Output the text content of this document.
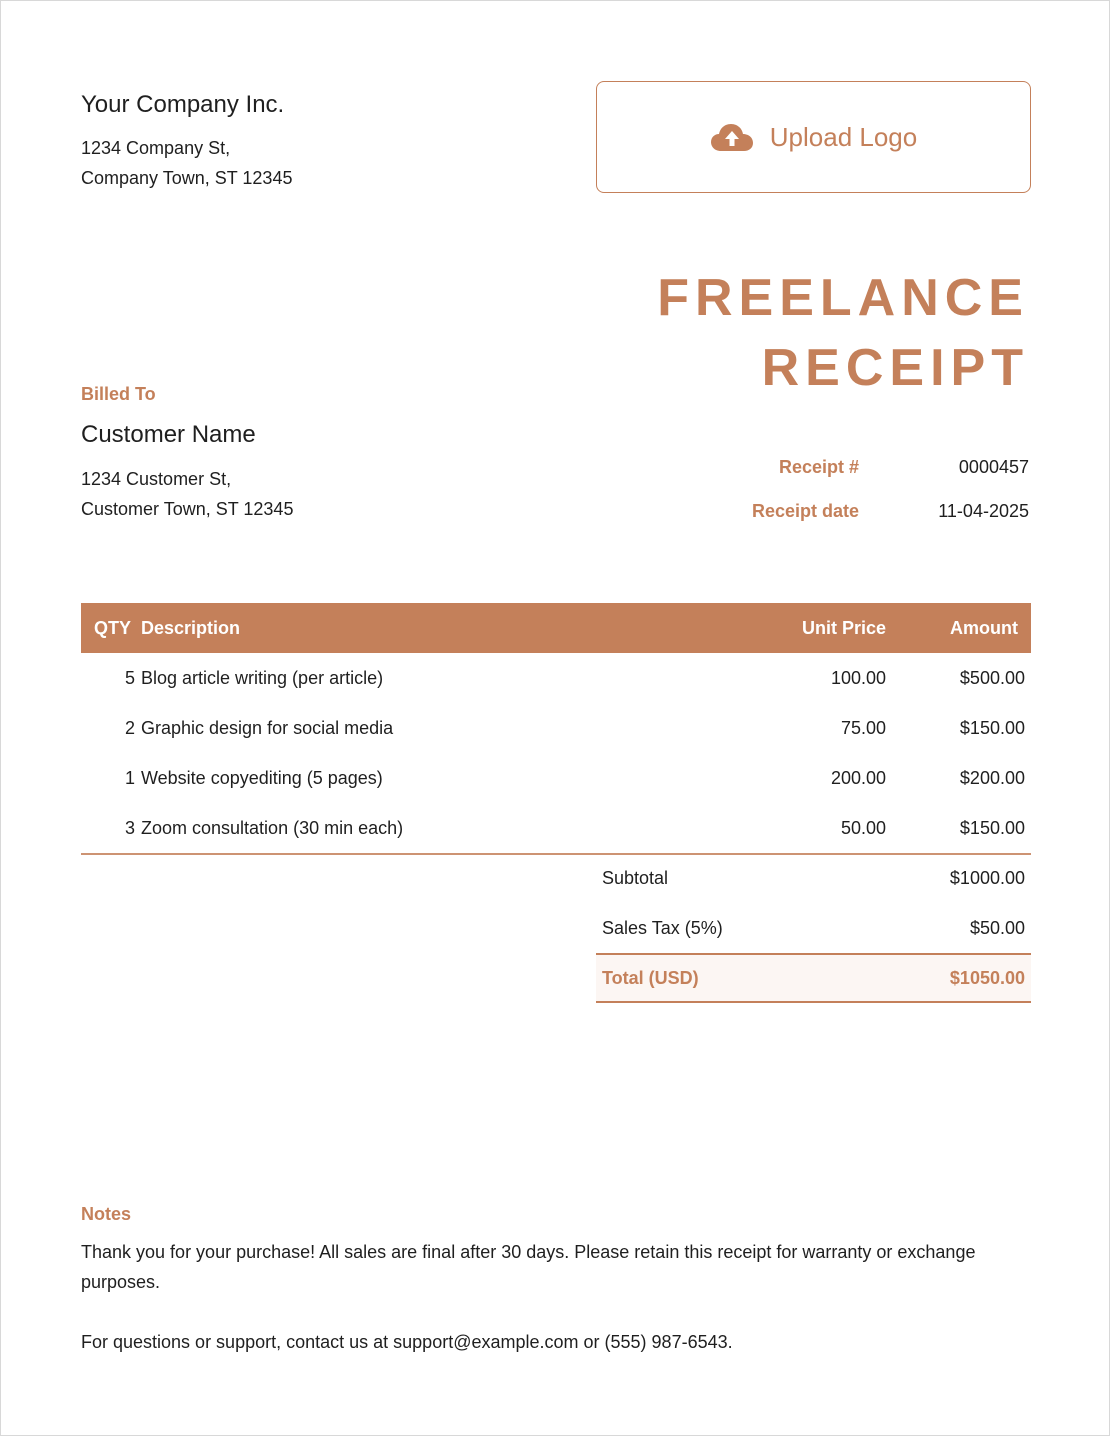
Your Company Inc.
1234 Company St,
Company Town, ST 12345
Upload Logo
FREELANCE
RECEIPT
Billed To
Customer Name
1234 Customer St,
Customer Town, ST 12345
Receipt #	0000457
Receipt date	11-04-2025
QTY Description	Unit Price	Amount
5 Blog article writing (per article)	100.00	$500.00
2 Graphic design for social media	75.00	$150.00
1 Website copyediting (5 pages)	200.00	$200.00
3 Zoom consultation (30 min each)	50.00	$150.00
Subtotal	$1000.00
Sales Tax (5%)	$50.00
Total (USD)	$1050.00
Notes
Thank you for your purchase! All sales are final after 30 days. Please retain this receipt for warranty or exchange purposes.
For questions or support, contact us at support@example.com or (555) 987-6543.
